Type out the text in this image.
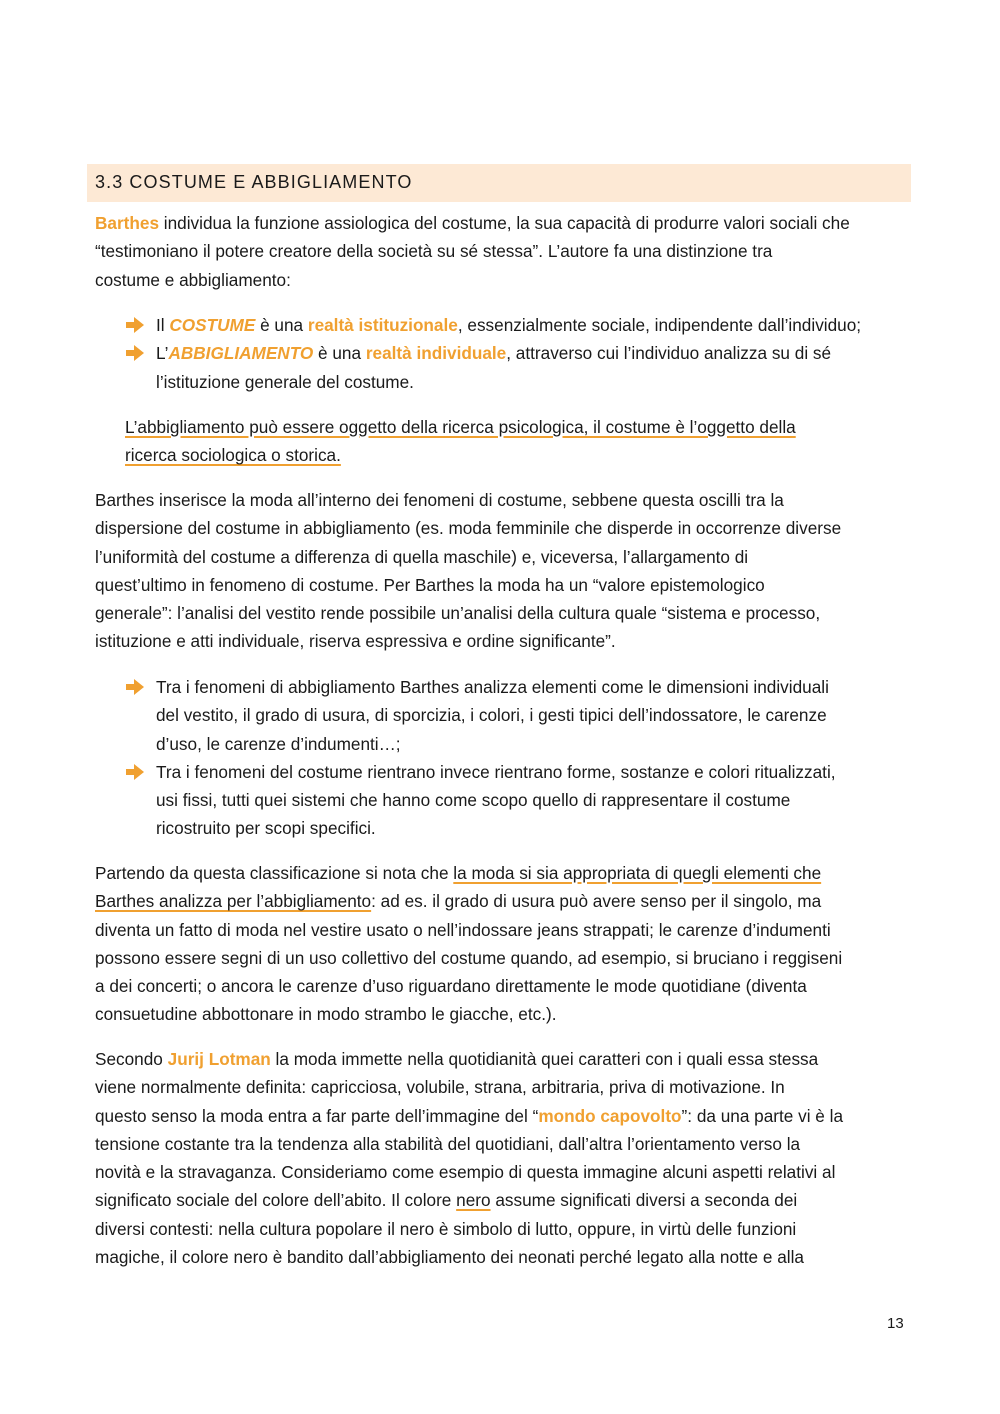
3.3 COSTUME E ABBIGLIAMENTO
Barthes individua la funzione assiologica del costume, la sua capacità di produrre valori sociali che
“testimoniano il potere creatore della società su sé stessa”. L’autore fa una distinzione tra
costume e abbigliamento:
Il COSTUME è una realtà istituzionale, essenzialmente sociale, indipendente dall’individuo;
L’ABBIGLIAMENTO è una realtà individuale, attraverso cui l’individuo analizza su di sé
l’istituzione generale del costume.
L’abbigliamento può essere oggetto della ricerca psicologica, il costume è l’oggetto della
ricerca sociologica o storica.
Barthes inserisce la moda all’interno dei fenomeni di costume, sebbene questa oscilli tra la
dispersione del costume in abbigliamento (es. moda femminile che disperde in occorrenze diverse
l’uniformità del costume a differenza di quella maschile) e, viceversa, l’allargamento di
quest’ultimo in fenomeno di costume. Per Barthes la moda ha un “valore epistemologico
generale”: l’analisi del vestito rende possibile un’analisi della cultura quale “sistema e processo,
istituzione e atti individuale, riserva espressiva e ordine significante”.
Tra i fenomeni di abbigliamento Barthes analizza elementi come le dimensioni individuali
del vestito, il grado di usura, di sporcizia, i colori, i gesti tipici dell’indossatore, le carenze
d’uso, le carenze d’indumenti…;
Tra i fenomeni del costume rientrano invece rientrano forme, sostanze e colori ritualizzati,
usi fissi, tutti quei sistemi che hanno come scopo quello di rappresentare il costume
ricostruito per scopi specifici.
Partendo da questa classificazione si nota che la moda si sia appropriata di quegli elementi che
Barthes analizza per l’abbigliamento: ad es. il grado di usura può avere senso per il singolo, ma
diventa un fatto di moda nel vestire usato o nell’indossare jeans strappati; le carenze d’indumenti
possono essere segni di un uso collettivo del costume quando, ad esempio, si bruciano i reggiseni
a dei concerti; o ancora le carenze d’uso riguardano direttamente le mode quotidiane (diventa
consuetudine abbottonare in modo strambo le giacche, etc.).
Secondo Jurij Lotman la moda immette nella quotidianità quei caratteri con i quali essa stessa
viene normalmente definita: capricciosa, volubile, strana, arbitraria, priva di motivazione. In
questo senso la moda entra a far parte dell’immagine del “mondo capovolto”: da una parte vi è la
tensione costante tra la tendenza alla stabilità del quotidiani, dall’altra l’orientamento verso la
novità e la stravaganza. Consideriamo come esempio di questa immagine alcuni aspetti relativi al
significato sociale del colore dell’abito. Il colore nero assume significati diversi a seconda dei
diversi contesti: nella cultura popolare il nero è simbolo di lutto, oppure, in virtù delle funzioni
magiche, il colore nero è bandito dall’abbigliamento dei neonati perché legato alla notte e alla
13
